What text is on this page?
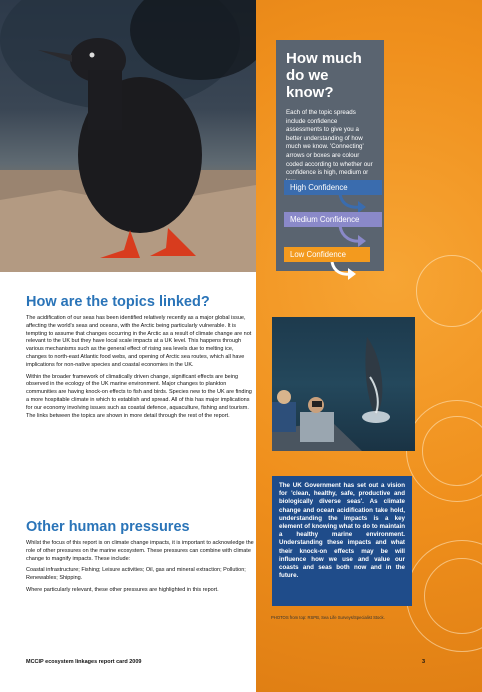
How much
do we know?

Each of the topic spreads include confidence assessments to give you a better understanding of how much we know. 'Connecting' arrows or boxes are colour coded according to whether our confidence is high, medium or

High Confidence
Medium Confidence
Low Confidence

The UK Government has set out a vision for 'clean, healthy, safe, productive and biologically diverse seas'. As climate change and ocean acidification take hold, understanding the impacts is a key element of knowing what to do to maintain a healthy marine environment. Understanding these impacts and what their knock-on effects may be will influence how we use and value our coasts and seas both now and in the future.

PHOTOS from top: RSPB, Sea Life Surveys/Specialist Stock.
How are the topics linked?

The acidification of our seas has been identified relatively recently as a major global issue, affecting the world's seas and oceans, with the Arctic being particularly vulnerable. It is tempting to assume that changes occurring in the Arctic as a result of climate change are not relevant to the UK but they have local scale impacts at a UK level. This happens through various mechanisms such as the general effect of rising sea levels due to melting ice, changes to north-east Atlantic food webs, and opening of Arctic sea routes, which all have implications for non-native species and coastal economies in the UK.

Within the broader framework of climatically driven change, significant effects are being observed in the ecology of the UK marine environment. Major changes to plankton communities are having knock-on effects to fish and birds. Species new to the UK are finding a more hospitable climate in which to establish and spread. All of this has major implications for our economy involving issues such as coastal defence, aquaculture, fishing and tourism. The links between the topics are shown in more detail through the rest of the report.

Other human pressures

Whilst the focus of this report is on climate change impacts, it is important to acknowledge the role of other pressures on the marine ecosystem. These pressures can combine with climate change to magnify impacts. These include:

Coastal infrastructure; Fishing; Leisure activities; Oil, gas and mineral extraction; Pollution; Renewables; Shipping.

Where particularly relevant, these other pressures are highlighted in this report.

MCCIP ecosystem linkages report card 2009	3
